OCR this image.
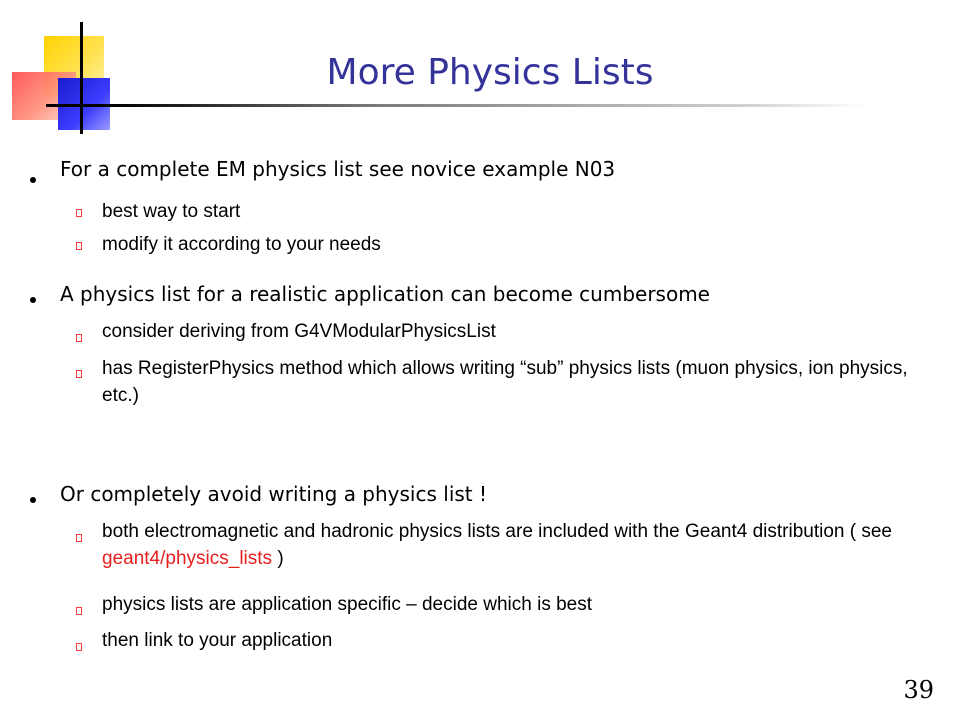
More Physics Lists
For a complete EM physics list see novice example N03
best way to start
modify it according to your needs
A physics list for a realistic application can become cumbersome
consider deriving from G4VModularPhysicsList
has RegisterPhysics method which allows writing “sub” physics lists (muon physics, ion physics, etc.)
Or completely avoid writing a physics list !
both electromagnetic and hadronic physics lists are included with the Geant4 distribution ( see geant4/physics_lists )
physics lists are application specific – decide which is best
then link to your application
39
